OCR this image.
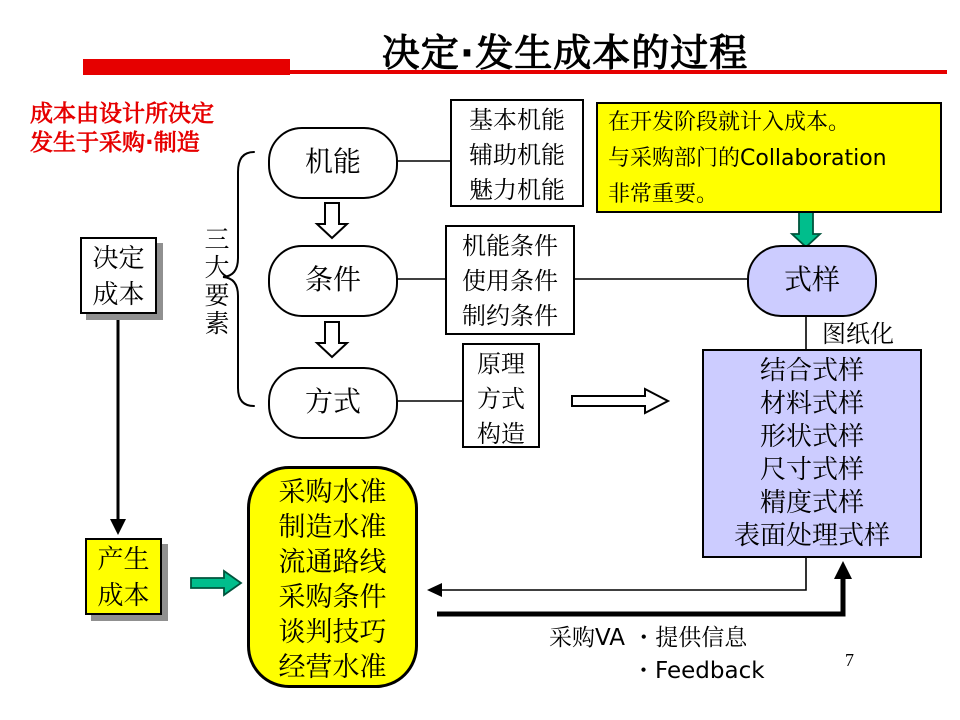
决定·发生成本的过程
成本由设计所决定
发生于采购·制造
决定
成本
产生
成本
三大要素
机能
条件
方式
基本机能
辅助机能
魅力机能
机能条件
使用条件
制约条件
原理
方式
构造
在开发阶段就计入成本。
与采购部门的Collaboration
非常重要。
式样
图纸化
结合式样
材料式样
形状式样
尺寸式样
精度式样
表面处理式样
采购水准
制造水准
流通路线
采购条件
谈判技巧
经营水准
采购VA ・提供信息
・Feedback	7
